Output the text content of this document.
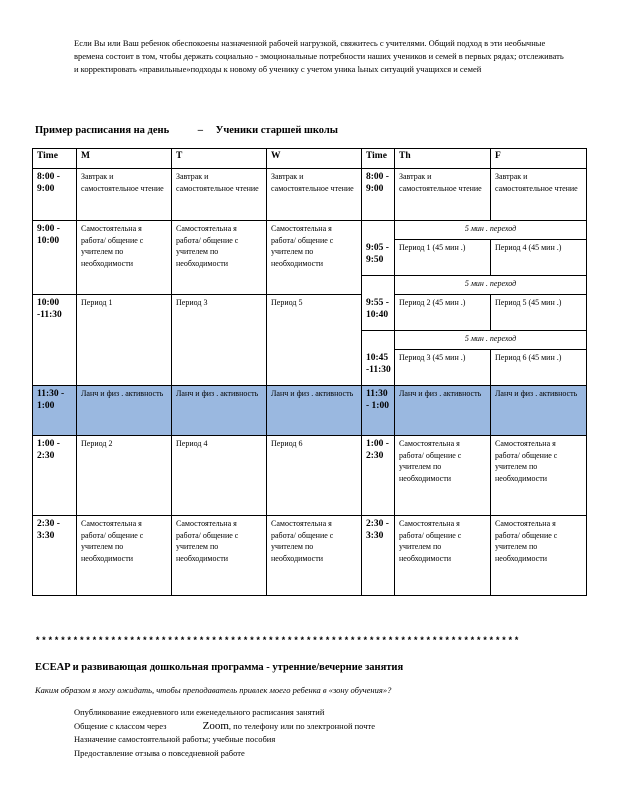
Если Вы или Ваш ребенок обеспокоены назначенной рабочей нагрузкой, свяжитесь с учителями. Общий подход в эти необычные времена состоит в том, чтобы держать социально - эмоциональные потребности наших учеников и семей в первых рядах; отслеживать и корректировать «правильные»подходы к новому об ученику с учетом уника lьных ситуаций учащихся и семей
Пример расписания на день	– Ученики старшей школы
Time	M	T	W	Time	Th	F
8:00 - 9:00	Завтрак и самостоятельное чтение	Завтрак и самостоятельное чтение	Завтрак и самостоятельное чтение	8:00 - 9:00	Завтрак и самостоятельное чтение	Завтрак и самостоятельное чтение
9:00 - 10:00	Самостоятельна я работа/ общение с учителем по необходимости	Самостоятельна я работа/ общение с учителем по необходимости	Самостоятельна я работа/ общение с учителем по необходимости		5 мин . переход	
				9:05 - 9:50	Период 1 (45 мин .)	Период 4 (45 мин .)
					5 мин . переход	
10:00 -11:30	Период 1	Период 3	Период 5	9:55 - 10:40	Период 2 (45 мин .)	Период 5 (45 мин .)
					5 мин . переход	
				10:45 -11:30	Период 3 (45 мин .)	Период 6 (45 мин .)
11:30 - 1:00	Ланч и физ . активность	Ланч и физ . активность	Ланч и физ . активность	11:30 - 1:00	Ланч и физ . активность	Ланч и физ . активность
1:00 - 2:30	Период 2	Период 4	Период 6	1:00 - 2:30	Самостоятельна я работа/ общение с учителем по необходимости	Самостоятельна я работа/ общение с учителем по необходимости
2:30 - 3:30	Самостоятельна я работа/ общение с учителем по необходимости	Самостоятельна я работа/ общение с учителем по необходимости	Самостоятельна я работа/ общение с учителем по необходимости	2:30 - 3:30	Самостоятельна я работа/ общение с учителем по необходимости	Самостоятельна я работа/ общение с учителем по необходимости
*****************************************************************************
ECEAP и развивающая дошкольная программа - утренние/вечерние занятия
Каким образом я могу ожидать, чтобы преподаватель привлек моего ребенка в «зону обучения»?
Опубликование ежедневного или еженедельного расписания занятий
Общение с классом через                 Zoom, по телефону или по электронной почте
Назначение самостоятельной работы; учебные пособия
Предоставление отзыва о повседневной работе
